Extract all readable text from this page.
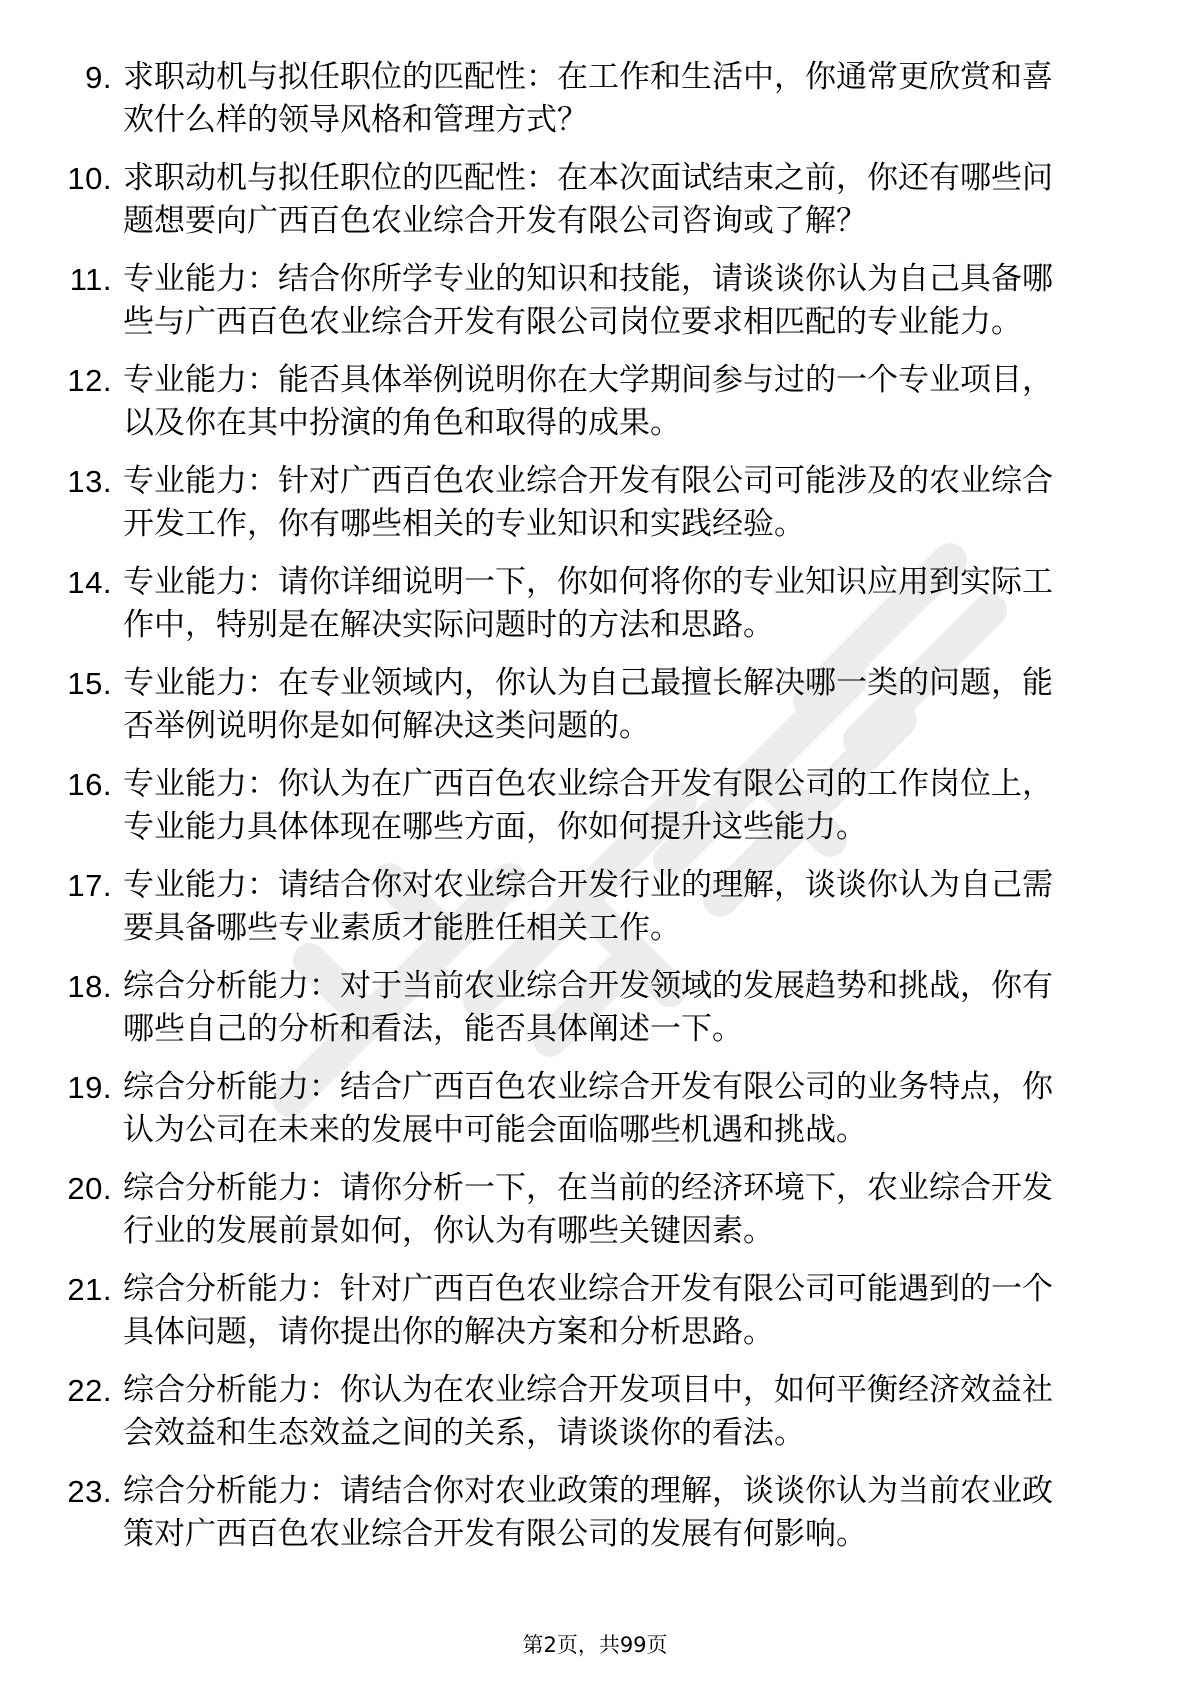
9. 求职动机与拟任职位的匹配性：在工作和生活中，你通常更欣赏和喜欢什么样的领导风格和管理方式？
10. 求职动机与拟任职位的匹配性：在本次面试结束之前，你还有哪些问题想要向广西百色农业综合开发有限公司咨询或了解？
11. 专业能力：结合你所学专业的知识和技能，请谈谈你认为自己具备哪些与广西百色农业综合开发有限公司岗位要求相匹配的专业能力。
12. 专业能力：能否具体举例说明你在大学期间参与过的一个专业项目，以及你在其中扮演的角色和取得的成果。
13. 专业能力：针对广西百色农业综合开发有限公司可能涉及的农业综合开发工作，你有哪些相关的专业知识和实践经验。
14. 专业能力：请你详细说明一下，你如何将你的专业知识应用到实际工作中，特别是在解决实际问题时的方法和思路。
15. 专业能力：在专业领域内，你认为自己最擅长解决哪一类的问题，能否举例说明你是如何解决这类问题的。
16. 专业能力：你认为在广西百色农业综合开发有限公司的工作岗位上，专业能力具体体现在哪些方面，你如何提升这些能力。
17. 专业能力：请结合你对农业综合开发行业的理解，谈谈你认为自己需要具备哪些专业素质才能胜任相关工作。
18. 综合分析能力：对于当前农业综合开发领域的发展趋势和挑战，你有哪些自己的分析和看法，能否具体阐述一下。
19. 综合分析能力：结合广西百色农业综合开发有限公司的业务特点，你认为公司在未来的发展中可能会面临哪些机遇和挑战。
20. 综合分析能力：请你分析一下，在当前的经济环境下，农业综合开发行业的发展前景如何，你认为有哪些关键因素。
21. 综合分析能力：针对广西百色农业综合开发有限公司可能遇到的一个具体问题，请你提出你的解决方案和分析思路。
22. 综合分析能力：你认为在农业综合开发项目中，如何平衡经济效益社会效益和生态效益之间的关系，请谈谈你的看法。
23. 综合分析能力：请结合你对农业政策的理解，谈谈你认为当前农业政策对广西百色农业综合开发有限公司的发展有何影响。
第2页，共99页
